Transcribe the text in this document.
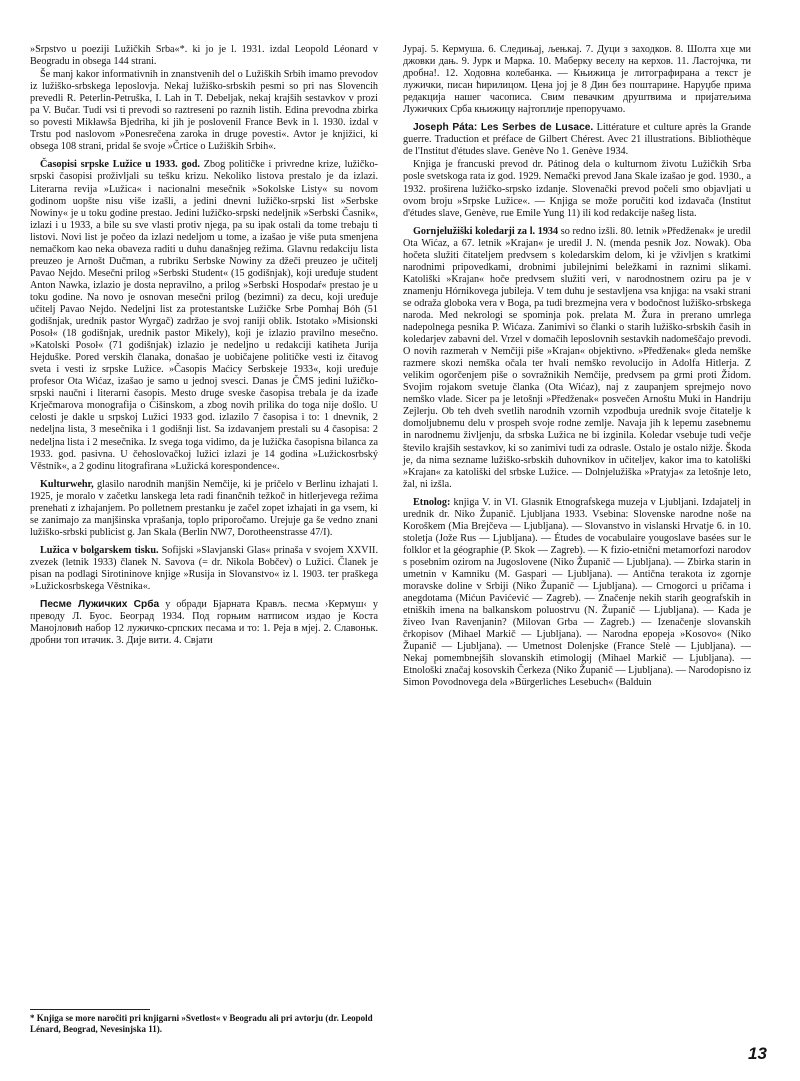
»Srpstvo u poeziji Lužičkih Srba«*. ki jo je l. 1931. izdal Leopold Léonard v Beogradu in obsega 144 strani.

Še manj kakor informativnih in znanstvenih del o Lužiških Srbih imamo prevodov iz lužiško-srbskega leposlovja. Nekaj lužiško-srbskih pesmi so pri nas Slovencih prevedli R. Peterlin-Petruška, I. Lah in T. Debeljak, nekaj krajših sestavkov v prozi pa V. Bučar. Tudi vsi ti prevodi so raztreseni po raznih listih. Edina prevodna zbirka so povesti Mikławša Bjedriha, ki jih je poslovenil France Bevk in l. 1930. izdal v Trstu pod naslovom »Ponesrečena zaroka in druge povesti«. Avtor je knjižici, ki obsega 108 strani, pridal še svoje »Črtice o Lužiških Srbih«.

Časopisi srpske Lužice u 1933. god. Zbog političke i privredne krize, lužičko-srpski časopisi proživljali su tešku krizu. Nekoliko listova prestalo je da izlazi. Literarna revija »Lužica« i nacionalni mesečnik »Sokolske Listy« su novom godinom uopšte nisu više izašli, a jedini dnevni lužičko-srpski list »Serbske Nowiny« je u toku godine prestao. Jedini lužičko-srpski nedeljnik »Serbski Časnik«, izlazi i u 1933, a bile su sve vlasti protiv njega, pa su ipak ostali da tome trebaju ti listovi. Novi list je počeo da izlazi nedeljom u tome, a izašao je više puta smenjena nemačkom kao neka obaveza raditi u duhu današnjeg režima. Glavnu redakciju lista preuzeo je Arnošt Dučman, a rubriku Serbske Nowiny za džeči preuzeo je učitelj Pavao Nejdo. Mesečni prilog »Serbski Student« (15 godišnjak), koji uređuje student Anton Nawka, izlazio je dosta nepravilno, a prilog »Serbski Hospodaŕ« prestao je u toku godine. Na novo je osnovan mesečni prilog (bezimni) za decu, koji uređuje učitelj Pavao Nejdo. Nedeljni list za protestantske Lužičke Srbe Pomhaj Bóh (51 godišnjak, urednik pastor Wyrgač) zadržao je svoj raniji oblik. Istotako »Misionski Posoł« (18 godišnjak, urednik pastor Mikely), koji je izlazio pravilno mesečno. »Katolski Posoł« (71 godišnjak) izlazio je nedeljno u redakciji katiheta Jurija Hejduške. Pored verskih članaka, donašao je uobičajene političke vesti iz čitavog sveta i vesti iz srpske Lužice. »Časopis Maćicy Serbskeje 1933«, koji uređuje profesor Ota Wićaz, izašao je samo u jednoj svesci. Danas je ČMS jedini lužičko-srpski naučni i literarni časopis. Mesto druge sveske časopisa trebala je da izađe Krječmarova monografija o Ćišinskom, a zbog novih prilika do toga nije došlo. U celosti je dakle u srpskoj Lužici 1933 god. izlazilo 7 časopisa i to: 1 dnevnik, 2 nedeljna lista, 3 mesečnika i 1 godišnji list. Sa izdavanjem prestali su 4 časopisa: 2 nedeljna lista i 2 mesečnika. Iz svega toga vidimo, da je lužička časopisna bilanca za 1933. god. pasivna. U čehoslovačkoj lužici izlazi je 14 godina »Lužickosrbský Věstník«, a 2 godinu litografirana »Lužická korespondence«.

Kulturwehr, glasilo narodnih manjšin Nemčije, ki je pričelo v Berlinu izhajati l. 1925, je moralo v začetku lanskega leta radi finančnih težkoč in hitlerjevega režima prenehati z izhajanjem. Po polletnem prestanku je začel zopet izhajati in ga vsem, ki se zanimajo za manjšinska vprašanja, toplo priporočamo. Urejuje ga še vedno znani lužiško-srbski publicist g. Jan Skala (Berlin NW7, Dorotheenstrasse 47/I).

Lužica v bolgarskem tisku. Sofijski »Slavjanski Glas« prinaša v svojem XXVII. zvezek (letnik 1933) članek N. Savova (= dr. Nikola Bobčev) o Lužici. Članek je pisan na podlagi Sirotininove knjige »Rusija in Slovanstvo« iz l. 1903. ter praškega »Lužickosrbskega Věstnika«.

Песме Лужичких Срба у обради Бјарната Крављ. песма ›Кермуш‹ у преводу Л. Буос. Београд 1934. Под горњим натписом издао је Коста Манојловић набор 12 лужичко-српских песама и то: 1. Реја в мјеј. 2. Славоньк. дробни топ итачик. 3. Дије вити. 4. Свјати

Јурај. 5. Кермуша. 6. Следињај, љењкај. 7. Дуци з заходков. 8. Шолта хце ми джовки дањ. 9. Јурк и Марка. 10. Маберку веселу на керхов. 11. Ластојчка, ти дробна!. 12. Ходовна колебанка. — Књижица је литографирана а текст је лужички, писан ћирилицом. Цена јој је 8 Дин без поштарине. Наруџбе прима редакција нашег часописа. Свим певачким друштвима и пријатељима Лужичких Срба књижицу најтоплије препоручамо.

Joseph Páta: Les Serbes de Lusace. Littérature et culture après la Grande guerre. Traduction et préface de Gilbert Chérest. Avec 21 illustrations. Bibliothèque de l'Institut d'études slave. Genève No 1. Genève 1934.

Knjiga je francuski prevod dr. Pátinog dela o kulturnom životu Lužičkih Srba posle svetskoga rata iz god. 1929. Nemački prevod Jana Skale izašao je god. 1930., a 1932. proširena lužičko-srpsko izdanje. Slovenački prevod počeli smo objavljati u ovom broju »Srpske Lužice«. — Knjiga se može poručiti kod izdavača (Institut d'études slave, Genève, rue Emile Yung 11) ili kod redakcije našeg lista.

Gornjelužiški koledarji za l. 1934 so redno izšli. 80. letnik »Předženak« je uredil Ota Wićaz, a 67. letnik »Krajan« je uredil J. N. (menda pesnik Joz. Nowak). Oba hočeta služiti čitateljem predvsem s koledarskim delom, ki je vživljen s kratkimi narodnimi pripovedkami, drobnimi jubilejnimi beležkami in raznimi slikami. Katoliški »Krajan« hoče predvsem služiti veri, v narodnostnem oziru pa je v znamenju Hórnikovega jubileja. V tem duhu je sestavljena vsa knjiga: na vsaki strani se odraža globoka vera v Boga, pa tudi brezmejna vera v bodočnost lužiško-srbskega naroda. Med nekrologi se spominja pok. prelata M. Žura in prerano umrlega nadepolnega pesnika P. Wićaza. Zanimivi so članki o starih lužiško-srbskih časih in koledarjev zabavni del. Vrzel v domačih leposlovnih sestavkih nadomeščajo prevodi. O novih razmerah v Nemčiji piše »Krajan« objektivno. »Předženak« gleda nemške razmere skozi nemška očala ter hvali nemško revolucijo in Adolfa Hitlerja. Z velikim ogorčenjem piše o sovražnikih Nemčije, predvsem pa grmi proti Židom. Svojim rojakom svetuje članka (Ota Wićaz), naj z zaupanjem sprejmejo novo nemško vlade. Sicer pa je letošnji »Předženak« posvečen Arnoštu Muki in Handriju Zejlerju. Ob teh dveh svetlih narodnih vzornih vzpodbuja urednik svoje čitatelje k domoljubnemu delu v prospeh svoje rodne zemlje. Navaja jih k lepemu zasebnemu in narodnemu življenju, da srbska Lužica ne bi izginila. Koledar vsebuje tudi večje število krajših sestavkov, ki so zanimivi tudi za odrasle. Ostalo je ostalo nižje. Škoda je, da nima sezname lužiško-srbskih duhovnikov in učiteljev, kakor ima to katoliški »Krajan« za katoliški del srbske Lužice. — Dolnjelužiška »Pratyja« za letošnje leto, žal, ni izšla.

Etnolog: knjiga V. in VI. Glasnik Etnografskega muzeja v Ljubljani. Izdajatelj in urednik dr. Niko Županič. Ljubljana 1933. Vsebina: Slovenske narodne noše na Koroškem (Mia Brejčeva — Ljubljana). — Slovanstvo in vislanski Hrvatje 6. in 10. stoletja (Jože Rus — Ljubljana). — Études de vocabulaire yougoslave basées sur le folklor et la géographie (P. Skok — Zagreb). — K fizio-etnični metamorfozi narodov s posebnim ozirom na Jugoslovene (Niko Županič — Ljubljana). — Zbirka starin in umetnin v Kamniku (M. Gaspari — Ljubljana). — Antična terakota iz zgornje moravske doline v Srbiji (Niko Županič — Ljubljana). — Crnogorci u pričama i anegdotama (Mićun Pavićević — Zagreb). — Značenje nekih starih geografskih in etniških imena na balkanskom poluostrvu (N. Županič — Ljubljana). — Kada je živeo Ivan Ravenjanin? (Milovan Grba — Zagreb.) — Izenačenje slovanskih črkopisov (Mihael Markič — Ljubljana). — Narodna epopeja »Kosovo« (Niko Županič — Ljubljana). — Umetnost Dolenjske (France Stelè — Ljubljana). — Nekaj pomembnejših slovanskih etimologij (Mihael Markič — Ljubljana). — Etnološki značaj kosovskih Čerkezа (Niko Županič — Ljubljana). — Narodopisno iz Simon Povodnovega dela »Bürgerliches Lesebuch« (Balduin

* Knjiga se more naročiti pri knjigarni »Svetlost« v Beogradu ali pri avtorju (dr. Leopold Lénard, Beograd, Nevesinjska 11).
13
